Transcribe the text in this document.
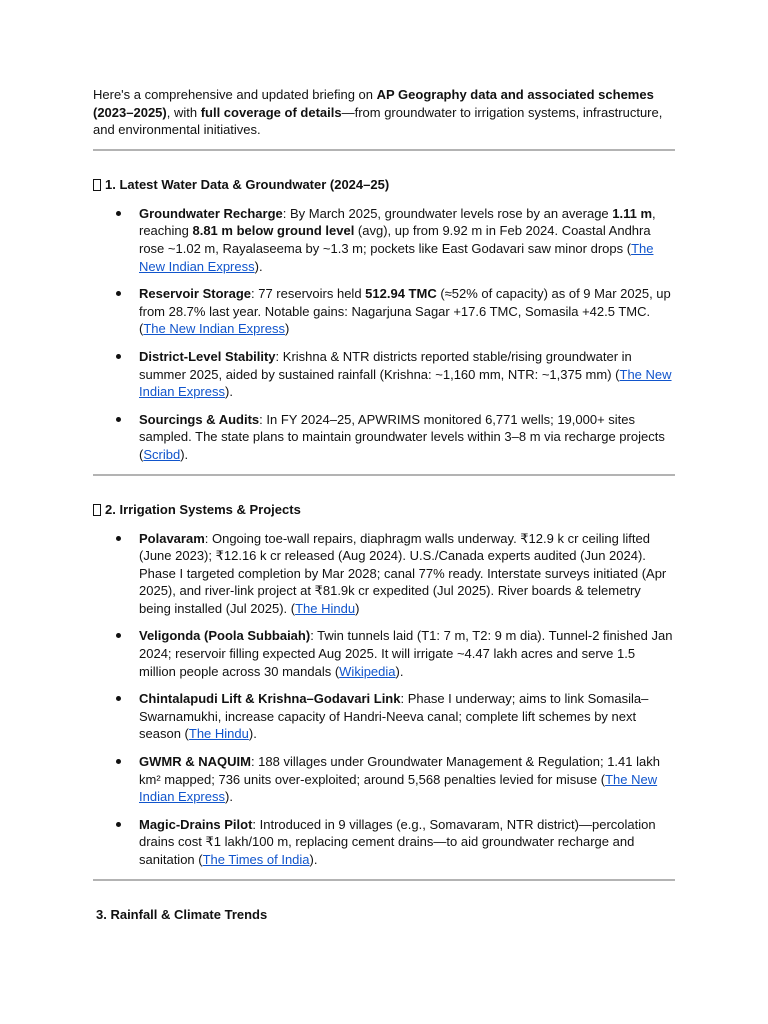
Here's a comprehensive and updated briefing on AP Geography data and associated schemes (2023–2025), with full coverage of details—from groundwater to irrigation systems, infrastructure, and environmental initiatives.

1. Latest Water Data & Groundwater (2024–25)
Groundwater Recharge: By March 2025, groundwater levels rose by an average 1.11 m, reaching 8.81 m below ground level (avg), up from 9.92 m in Feb 2024. Coastal Andhra rose ~1.02 m, Rayalaseema by ~1.3 m; pockets like East Godavari saw minor drops (The New Indian Express).
Reservoir Storage: 77 reservoirs held 512.94 TMC (≈52% of capacity) as of 9 Mar 2025, up from 28.7% last year. Notable gains: Nagarjuna Sagar +17.6 TMC, Somasila +42.5 TMC. (The New Indian Express)
District-Level Stability: Krishna & NTR districts reported stable/rising groundwater in summer 2025, aided by sustained rainfall (Krishna: ~1,160 mm, NTR: ~1,375 mm) (The New Indian Express).
Sourcings & Audits: In FY 2024–25, APWRIMS monitored 6,771 wells; 19,000+ sites sampled. The state plans to maintain groundwater levels within 3–8 m via recharge projects (Scribd).
2. Irrigation Systems & Projects
Polavaram: Ongoing toe-wall repairs, diaphragm walls underway. ₹12.9 k cr ceiling lifted (June 2023); ₹12.16 k cr released (Aug 2024). U.S./Canada experts audited (Jun 2024). Phase I targeted completion by Mar 2028; canal 77% ready. Interstate surveys initiated (Apr 2025), and river-link project at ₹81.9k cr expedited (Jul 2025). River boards & telemetry being installed (Jul 2025). (The Hindu)
Veligonda (Poola Subbaiah): Twin tunnels laid (T1: 7 m, T2: 9 m dia). Tunnel-2 finished Jan 2024; reservoir filling expected Aug 2025. It will irrigate ~4.47 lakh acres and serve 1.5 million people across 30 mandals (Wikipedia).
Chintalapudi Lift & Krishna–Godavari Link: Phase I underway; aims to link Somasila–Swarnamukhi, increase capacity of Handri-Neeva canal; complete lift schemes by next season (The Hindu).
GWMR & NAQUIM: 188 villages under Groundwater Management & Regulation; 1.41 lakh km² mapped; 736 units over-exploited; around 5,568 penalties levied for misuse (The New Indian Express).
Magic-Drains Pilot: Introduced in 9 villages (e.g., Somavaram, NTR district)—percolation drains cost ₹1 lakh/100 m, replacing cement drains—to aid groundwater recharge and sanitation (The Times of India).
3. Rainfall & Climate Trends
